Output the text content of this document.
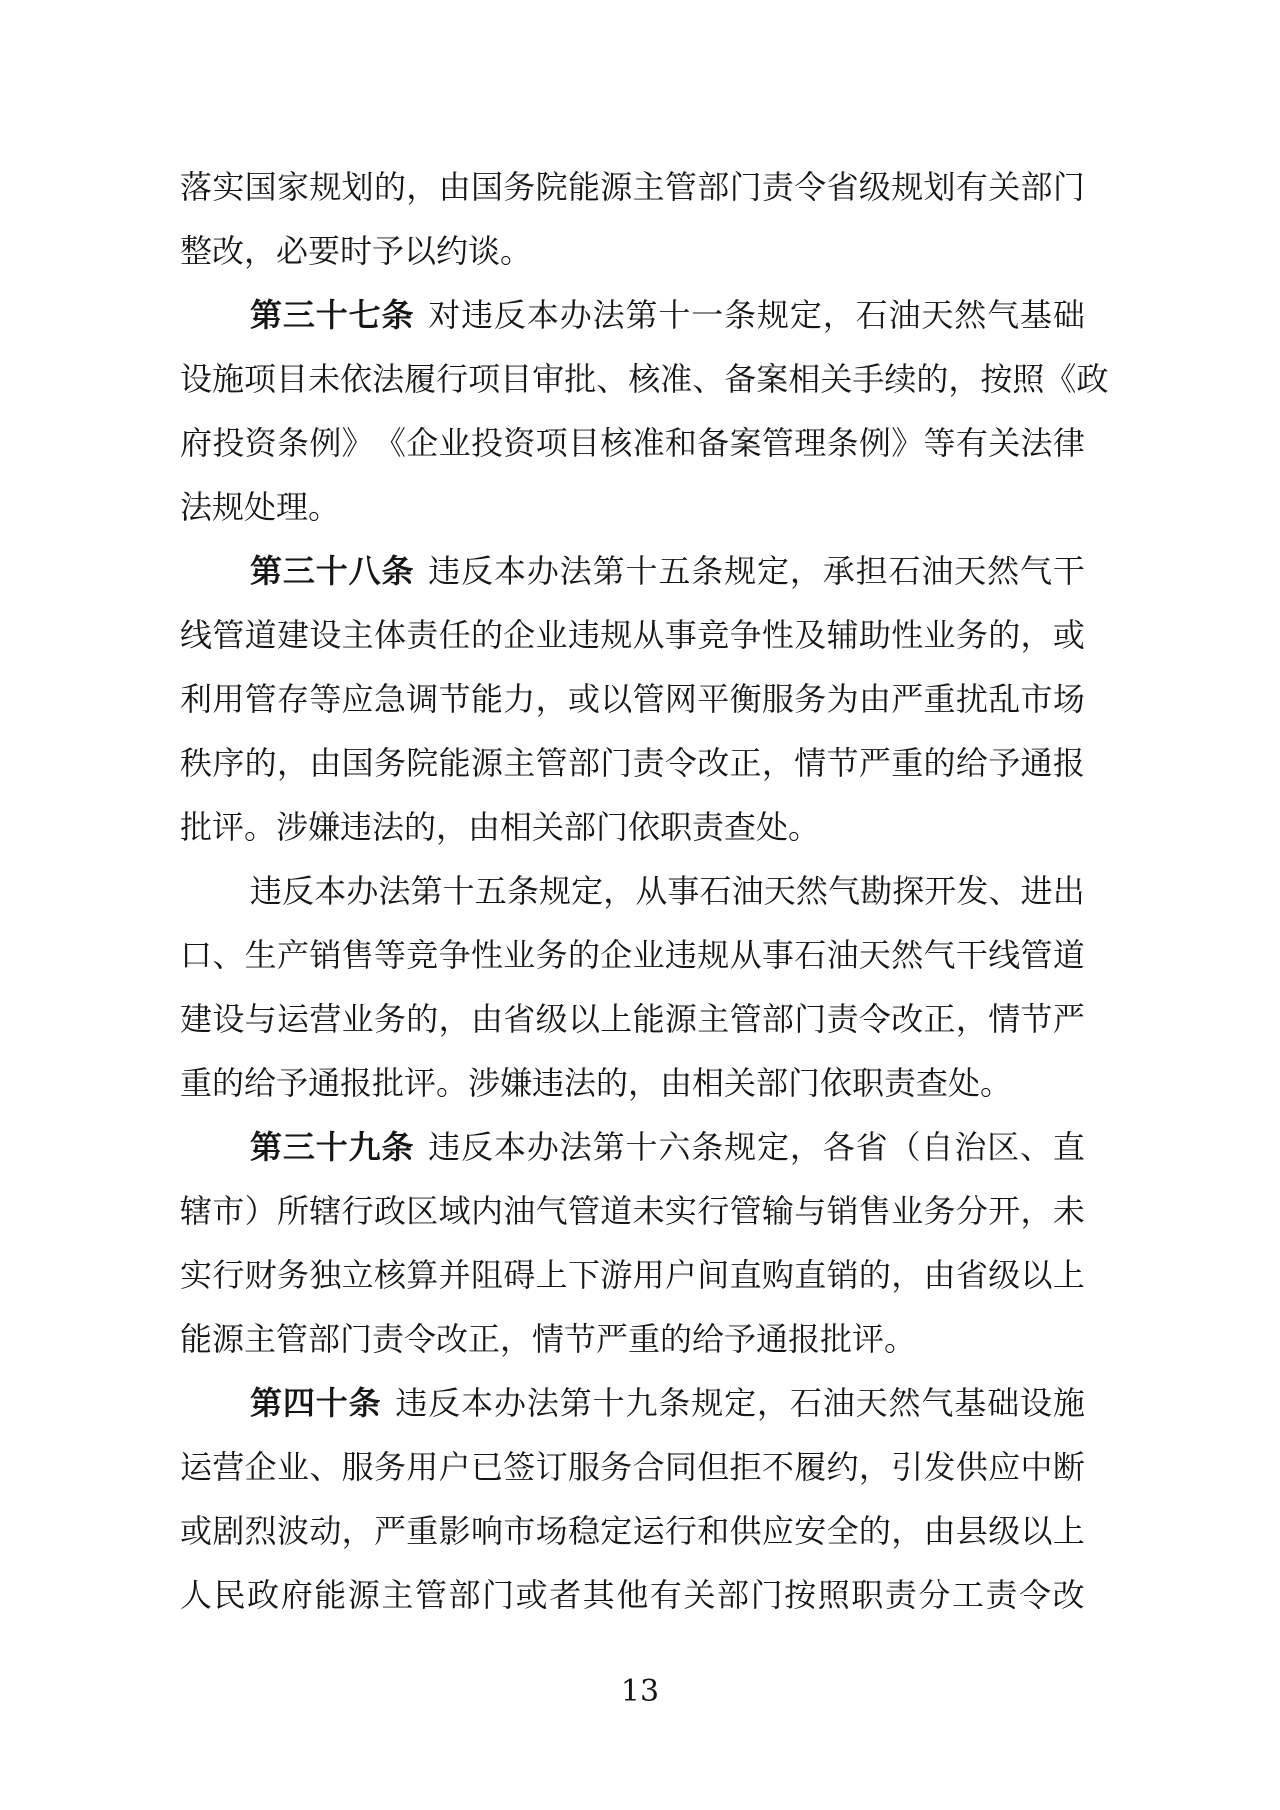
落 实 国 家 规 划 的 ， 由 国 务 院 能 源 主 管 部 门 责 令 省 级 规 划 有 关 部 门
整改，必要时予以约谈。
第 三 十 七 条 对 违 反 本 办 法 第 十 一 条 规 定 ， 石 油 天 然 气 基 础
设 施 项 目 未 依 法 履 行 项 目 审 批 、 核 准 、 备 案 相 关 手 续 的 ， 按 照 《 政
府 投 资 条 例 》 《 企 业 投 资 项 目 核 准 和 备 案 管 理 条 例 》 等 有 关 法 律
法规处理。
第 三 十 八 条 违 反 本 办 法 第 十 五 条 规 定 ， 承 担 石 油 天 然 气 干
线 管 道 建 设 主 体 责 任 的 企 业 违 规 从 事 竞 争 性 及 辅 助 性 业 务 的 ， 或
利 用 管 存 等 应 急 调 节 能 力 ， 或 以 管 网 平 衡 服 务 为 由 严 重 扰 乱 市 场
秩 序 的 ， 由 国 务 院 能 源 主 管 部 门 责 令 改 正 ， 情 节 严 重 的 给 予 通 报
批评。涉嫌违法的，由相关部门依职责查处。
违 反 本 办 法 第 十 五 条 规 定 ， 从 事 石 油 天 然 气 勘 探 开 发 、 进 出
口 、 生 产 销 售 等 竞 争 性 业 务 的 企 业 违 规 从 事 石 油 天 然 气 干 线 管 道
建 设 与 运 营 业 务 的 ， 由 省 级 以 上 能 源 主 管 部 门 责 令 改 正 ， 情 节 严
重的给予通报批评。涉嫌违法的，由相关部门依职责查处。
第 三 十 九 条 违 反 本 办 法 第 十 六 条 规 定 ， 各 省 （ 自 治 区 、 直
辖 市 ） 所 辖 行 政 区 域 内 油 气 管 道 未 实 行 管 输 与 销 售 业 务 分 开 ， 未
实 行 财 务 独 立 核 算 并 阻 碍 上 下 游 用 户 间 直 购 直 销 的 ， 由 省 级 以 上
能源主管部门责令改正，情节严重的给予通报批评。
第 四 十 条 违 反 本 办 法 第 十 九 条 规 定 ， 石 油 天 然 气 基 础 设 施
运 营 企 业 、 服 务 用 户 已 签 订 服 务 合 同 但 拒 不 履 约 ， 引 发 供 应 中 断
或 剧 烈 波 动 ， 严 重 影 响 市 场 稳 定 运 行 和 供 应 安 全 的 ， 由 县 级 以 上
人 民 政 府 能 源 主 管 部 门 或 者 其 他 有 关 部 门 按 照 职 责 分 工 责 令 改
13
